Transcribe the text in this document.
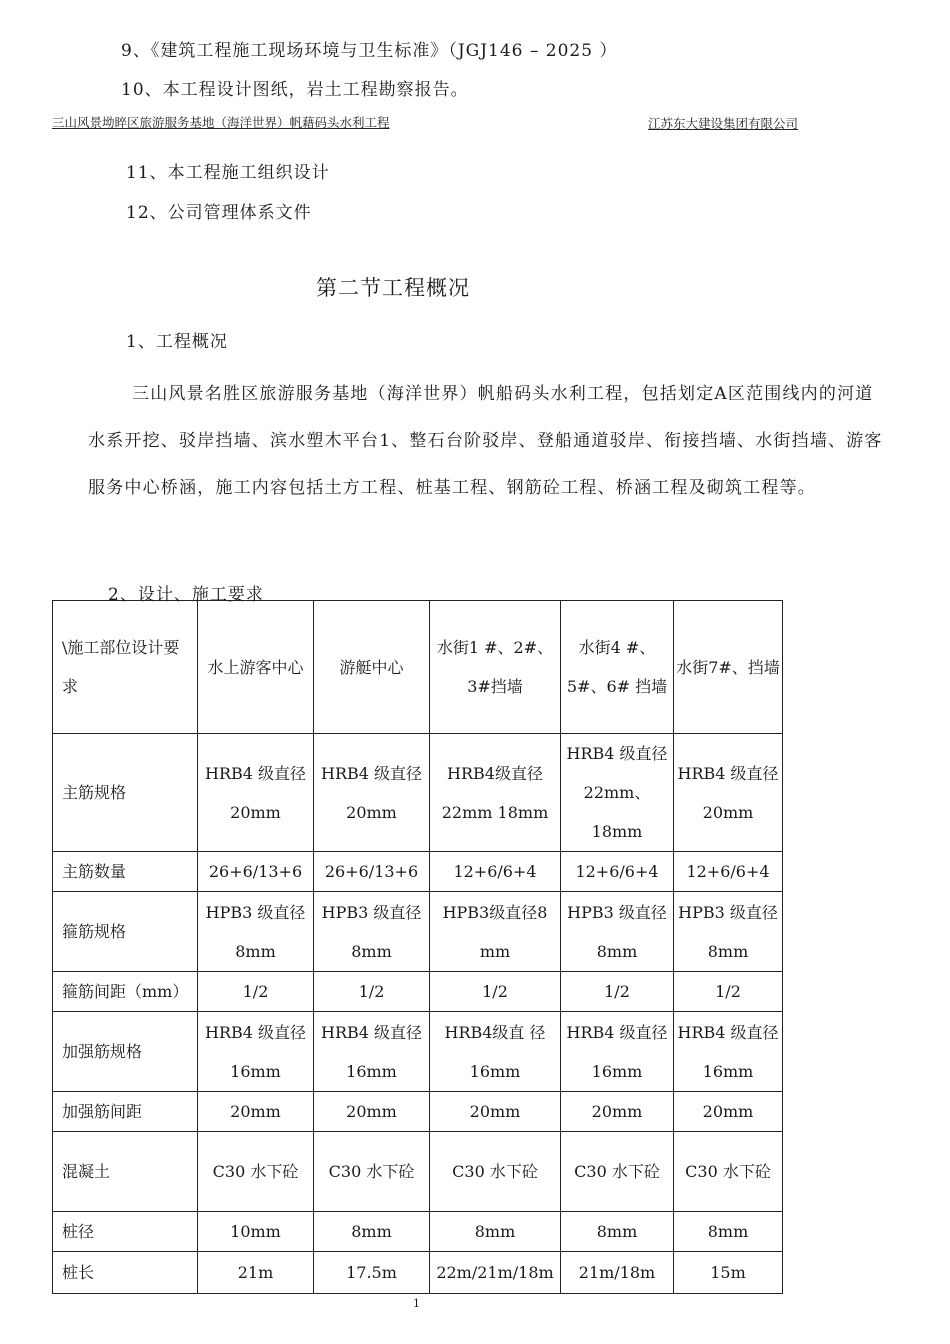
9、《建筑工程施工现场环境与卫生标准》（JGJ146 – 2025 ）
10、本工程设计图纸，岩土工程勘察报告。
三山风景坳睟区旅游服务基地（海洋世界）帆藉码头水利工程	江苏东大建设集团有限公司
11、本工程施工组织设计
12、公司管理体系文件
第二节工程概况
1、工程概况
三山风景名胜区旅游服务基地（海洋世界）帆船码头水利工程，包括划定A区范围线内的河道水系开挖、驳岸挡墙、滨水塑木平台1、整石台阶驳岸、登船通道驳岸、衔接挡墙、水街挡墙、游客服务中心桥涵，施工内容包括土方工程、桩基工程、钢筋砼工程、桥涵工程及砌筑工程等。
2、设计、施工要求
\施工部位设计要求	水上游客中心	游艇中心	水街1 #、2#、3#挡墙	水街4 #、5#、6# 挡墙	水街7#、挡墙
主筋规格	HRB4 级直径 20mm	HRB4 级直径 20mm	HRB4级直径 22mm 18mm	HRB4 级直径 22mm、18mm	HRB4 级直径 20mm
主筋数量	26+6/13+6	26+6/13+6	12+6/6+4	12+6/6+4	12+6/6+4
箍筋规格	HPB3 级直径 8mm	HPB3 级直径 8mm	HPB3级直径8 mm	HPB3 级直径 8mm	HPB3 级直径 8mm
箍筋间距（mm）	1/2	1/2	1/2	1/2	1/2
加强筋规格	HRB4 级直径 16mm	HRB4 级直径 16mm	HRB4级直 径 16mm	HRB4 级直径 16mm	HRB4 级直径 16mm
加强筋间距	20mm	20mm	20mm	20mm	20mm
混凝土	C30 水下砼	C30 水下砼	C30 水下砼	C30 水下砼	C30 水下砼
桩径	10mm	8mm	8mm	8mm	8mm
桩长	21m	17.5m	22m/21m/18m	21m/18m	15m
1
